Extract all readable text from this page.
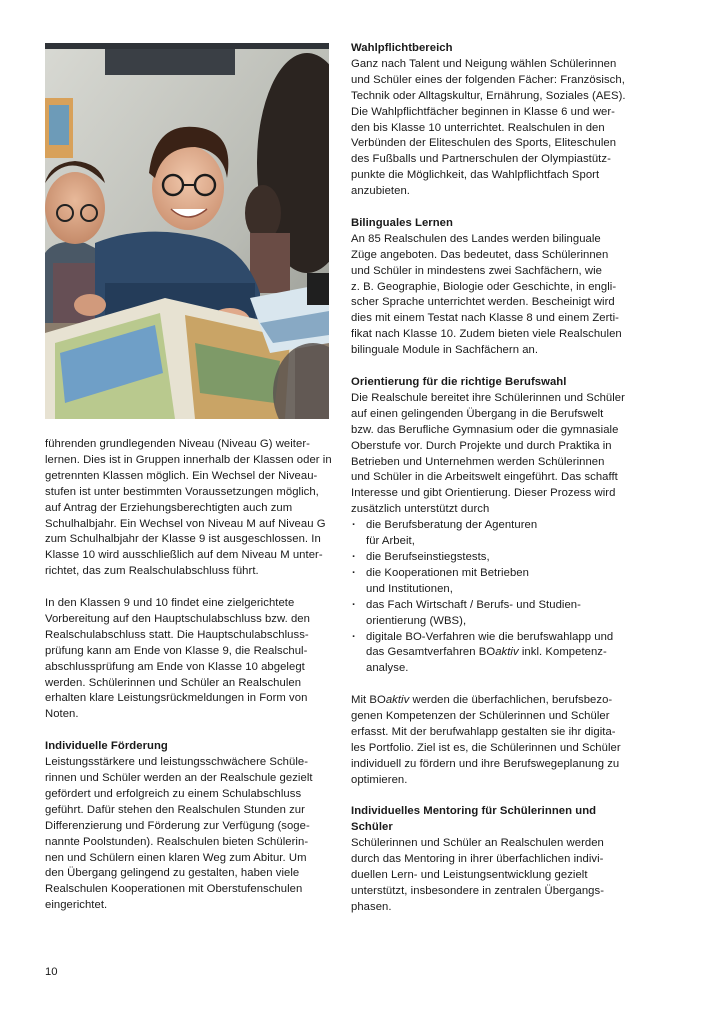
führenden grundlegenden Niveau (Niveau G) weiter-
lernen. Dies ist in Gruppen innerhalb der Klassen oder in
getrennten Klassen möglich. Ein Wechsel der Niveau-
stufen ist unter bestimmten Voraussetzungen möglich,
auf Antrag der Erziehungsberechtigten auch zum
Schulhalbjahr. Ein Wechsel von Niveau M auf Niveau G
zum Schulhalbjahr der Klasse 9 ist ausgeschlossen. In
Klasse 10 wird ausschließlich auf dem Niveau M unter-
richtet, das zum Realschulabschluss führt.

In den Klassen 9 und 10 findet eine zielgerichtete
Vorbereitung auf den Hauptschulabschluss bzw. den
Realschulabschluss statt. Die Hauptschulabschluss-
prüfung kann am Ende von Klasse 9, die Realschul-
abschlussprüfung am Ende von Klasse 10 abgelegt
werden. Schülerinnen und Schüler an Realschulen
erhalten klare Leistungsrückmeldungen in Form von
Noten.

Individuelle Förderung

Leistungsstärkere und leistungsschwächere Schüle-
rinnen und Schüler werden an der Realschule gezielt
gefördert und erfolgreich zu einem Schulabschluss
geführt. Dafür stehen den Realschulen Stunden zur
Differenzierung und Förderung zur Verfügung (soge-
nannte Poolstunden). Realschulen bieten Schülerin-
nen und Schülern einen klaren Weg zum Abitur. Um
den Übergang gelingend zu gestalten, haben viele
Realschulen Kooperationen mit Oberstufenschulen
eingerichtet.

Wahlpflichtbereich

Ganz nach Talent und Neigung wählen Schülerinnen
und Schüler eines der folgenden Fächer: Französisch,
Technik oder Alltagskultur, Ernährung, Soziales (AES).
Die Wahlpflichtfächer beginnen in Klasse 6 und wer-
den bis Klasse 10 unterrichtet. Realschulen in den
Verbünden der Eliteschulen des Sports, Eliteschulen
des Fußballs und Partnerschulen der Olympiastütz-
punkte die Möglichkeit, das Wahlpflichtfach Sport
anzubieten.

Bilinguales Lernen

An 85 Realschulen des Landes werden bilinguale
Züge angeboten. Das bedeutet, dass Schülerinnen
und Schüler in mindestens zwei Sachfächern, wie
z. B. Geographie, Biologie oder Geschichte, in engli-
scher Sprache unterrichtet werden. Bescheinigt wird
dies mit einem Testat nach Klasse 8 und einem Zerti-
fikat nach Klasse 10. Zudem bieten viele Realschulen
bilinguale Module in Sachfächern an.

Orientierung für die richtige Berufswahl

Die Realschule bereitet ihre Schülerinnen und Schüler
auf einen gelingenden Übergang in die Berufswelt
bzw. das Berufliche Gymnasium oder die gymnasiale
Oberstufe vor. Durch Projekte und durch Praktika in
Betrieben und Unternehmen werden Schülerinnen
und Schüler in die Arbeitswelt eingeführt. Das schafft
Interesse und gibt Orientierung. Dieser Prozess wird
zusätzlich unterstützt durch

· die Berufsberatung der Agenturen
für Arbeit,
· die Berufseinstiegstests,
· die Kooperationen mit Betrieben
und Institutionen,
· das Fach Wirtschaft / Berufs- und Studien-
orientierung (WBS),
· digitale BO-Verfahren wie die berufswahlapp und
das Gesamtverfahren BOaktiv inkl. Kompetenz-
analyse.

Mit BOaktiv werden die überfachlichen, berufsbezo-
genen Kompetenzen der Schülerinnen und Schüler
erfasst. Mit der berufwahlapp gestalten sie ihr digita-
les Portfolio. Ziel ist es, die Schülerinnen und Schüler
individuell zu fördern und ihre Berufswegeplanung zu
optimieren.

Individuelles Mentoring für Schülerinnen und
Schüler

Schülerinnen und Schüler an Realschulen werden
durch das Mentoring in ihrer überfachlichen indivi-
duellen Lern- und Leistungsentwicklung gezielt
unterstützt, insbesondere in zentralen Übergangs-
phasen.

10
